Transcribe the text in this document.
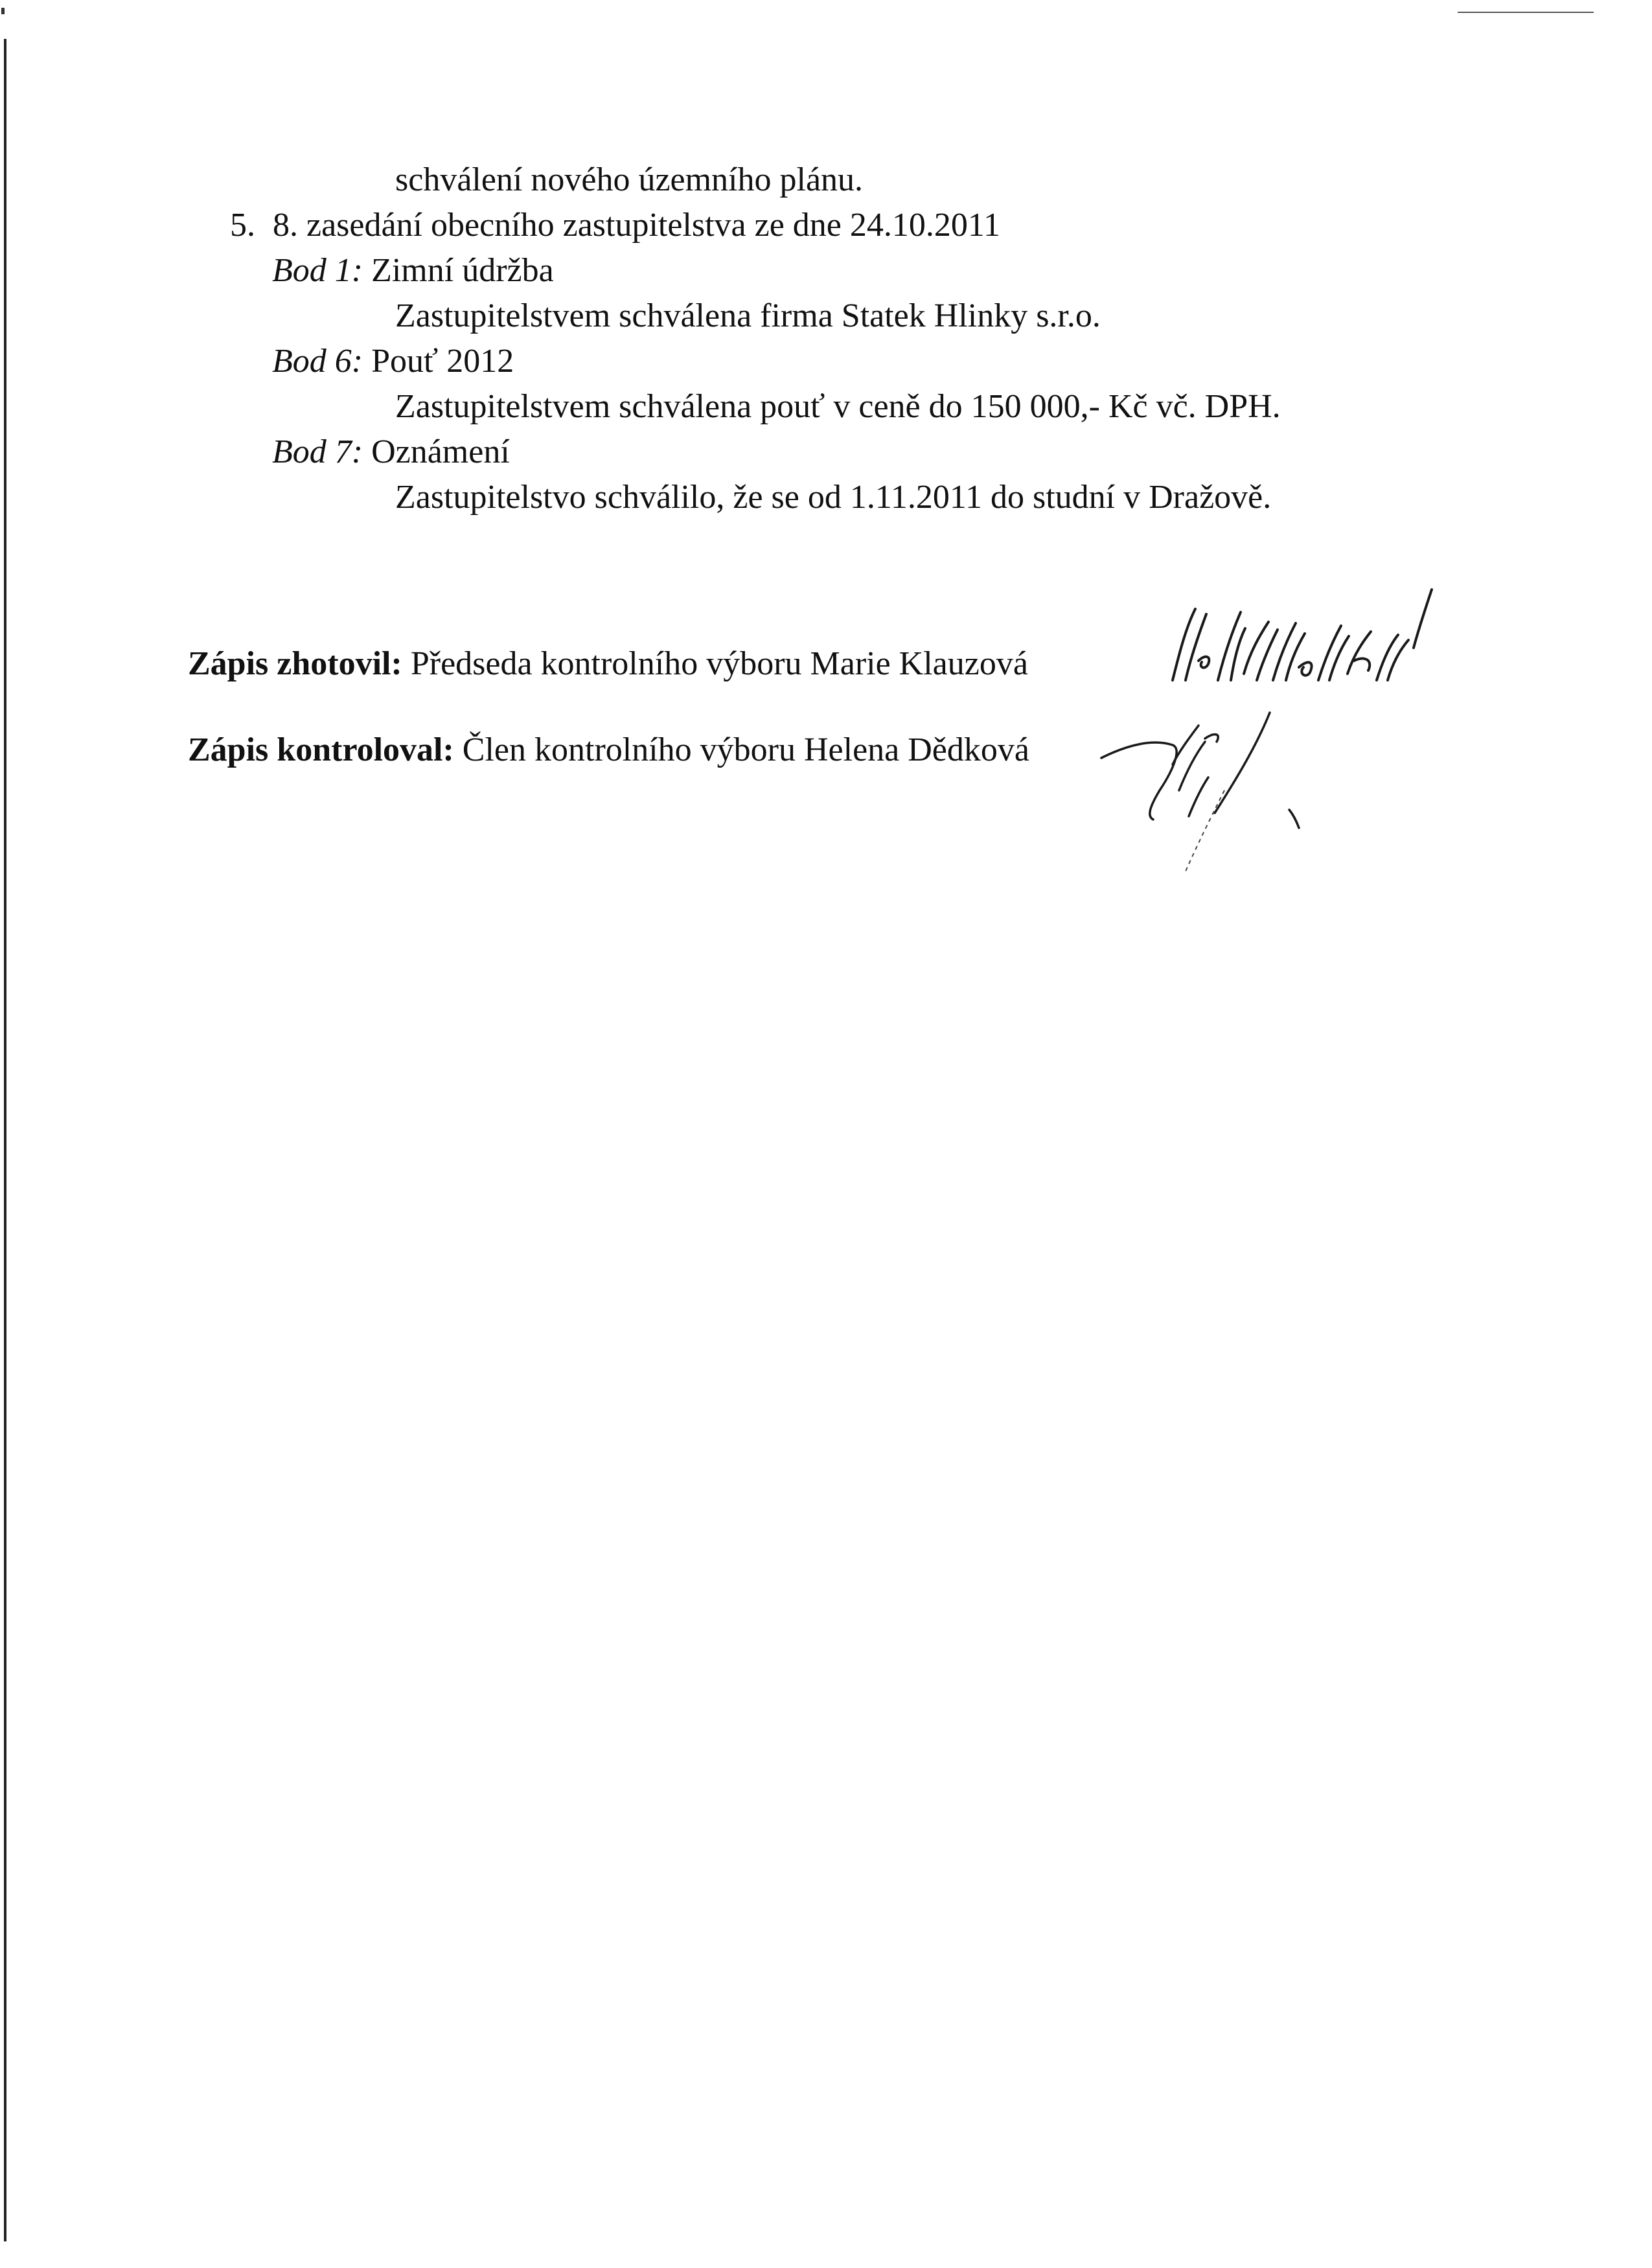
schválení nového územního plánu.
5. 8. zasedání obecního zastupitelstva ze dne 24.10.2011
Bod 1: Zimní údržba
Zastupitelstvem schválena firma Statek Hlinky s.r.o.
Bod 6: Pouť 2012
Zastupitelstvem schválena pouť v ceně do 150 000,- Kč vč. DPH.
Bod 7: Oznámení
Zastupitelstvo schválilo, že se od 1.11.2011 do studní v Dražově.
Zápis zhotovil: Předseda kontrolního výboru Marie Klauzová
Zápis kontroloval: Člen kontrolního výboru Helena Dědková
